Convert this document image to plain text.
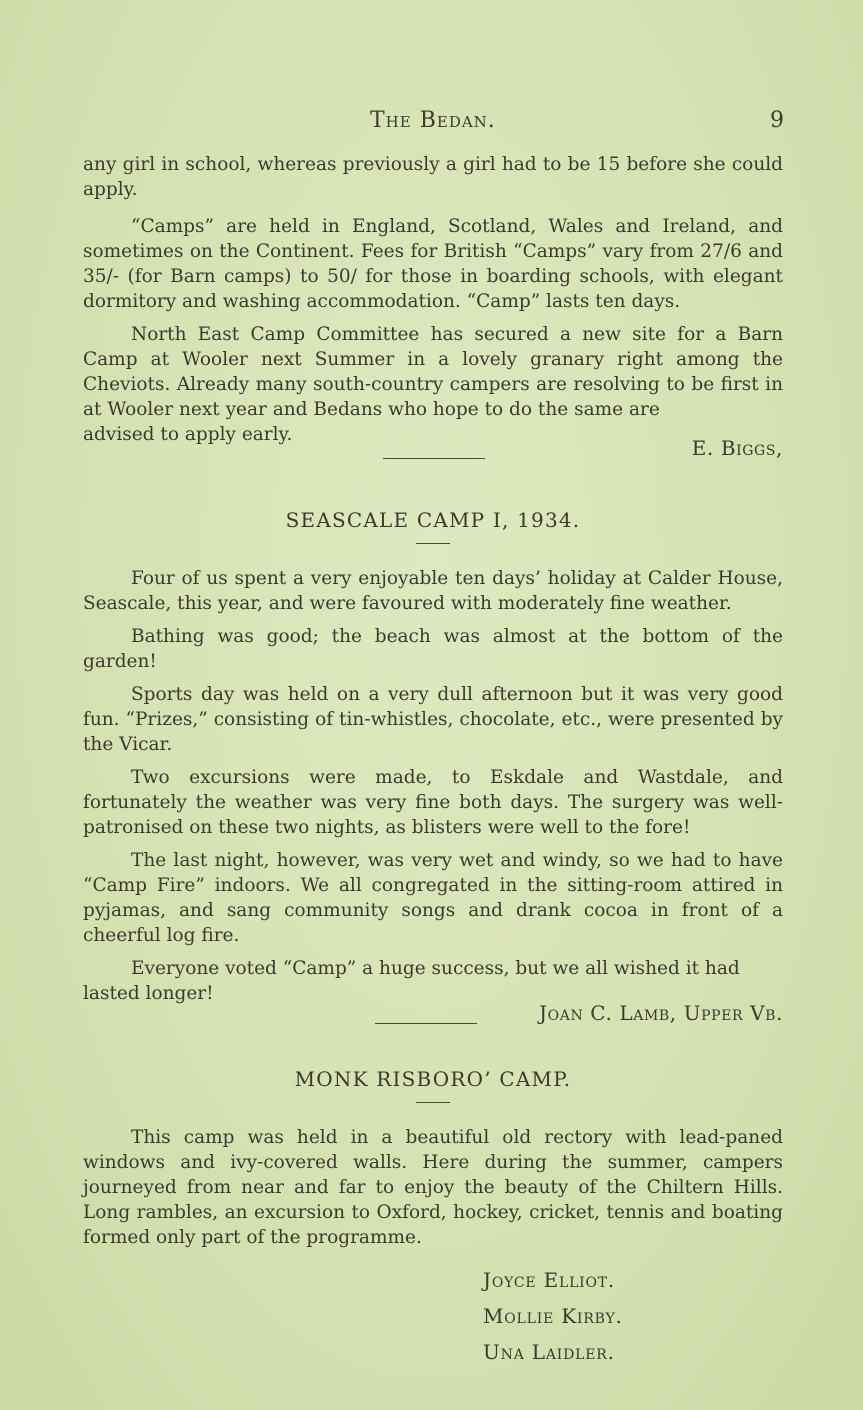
The Bedan.	9

any girl in school, whereas previously a girl had to be 15 before she could apply.

“Camps” are held in England, Scotland, Wales and Ireland, and sometimes on the Continent. Fees for British “Camps” vary from 27/6 and 35/- (for Barn camps) to 50/ for those in boarding schools, with elegant dormitory and washing accommodation. “Camp” lasts ten days.

North East Camp Committee has secured a new site for a Barn Camp at Wooler next Summer in a lovely granary right among the Cheviots. Already many south-country campers are resolving to be first in at Wooler next year and Bedans who hope to do the same are

advised to apply early.
E. Biggs,
SEASCALE CAMP I, 1934.

Four of us spent a very enjoyable ten days’ holiday at Calder House, Seascale, this year, and were favoured with moderately fine weather.

Bathing was good; the beach was almost at the bottom of the garden!

Sports day was held on a very dull afternoon but it was very good fun. “Prizes,” consisting of tin-whistles, chocolate, etc., were presented by the Vicar.

Two excursions were made, to Eskdale and Wastdale, and fortunately the weather was very fine both days. The surgery was well-patronised on these two nights, as blisters were well to the fore!

The last night, however, was very wet and windy, so we had to have “Camp Fire” indoors. We all congregated in the sitting-room attired in pyjamas, and sang community songs and drank cocoa in front of a cheerful log fire.

Everyone voted “Camp” a huge success, but we all wished it had

lasted longer!
Joan C. Lamb, Upper Vb.
MONK RISBORO’ CAMP.

This camp was held in a beautiful old rectory with lead-paned windows and ivy-covered walls. Here during the summer, campers journeyed from near and far to enjoy the beauty of the Chiltern Hills. Long rambles, an excursion to Oxford, hockey, cricket, tennis and boating formed only part of the programme.

Joyce Elliot.
Mollie Kirby.
Una Laidler.
